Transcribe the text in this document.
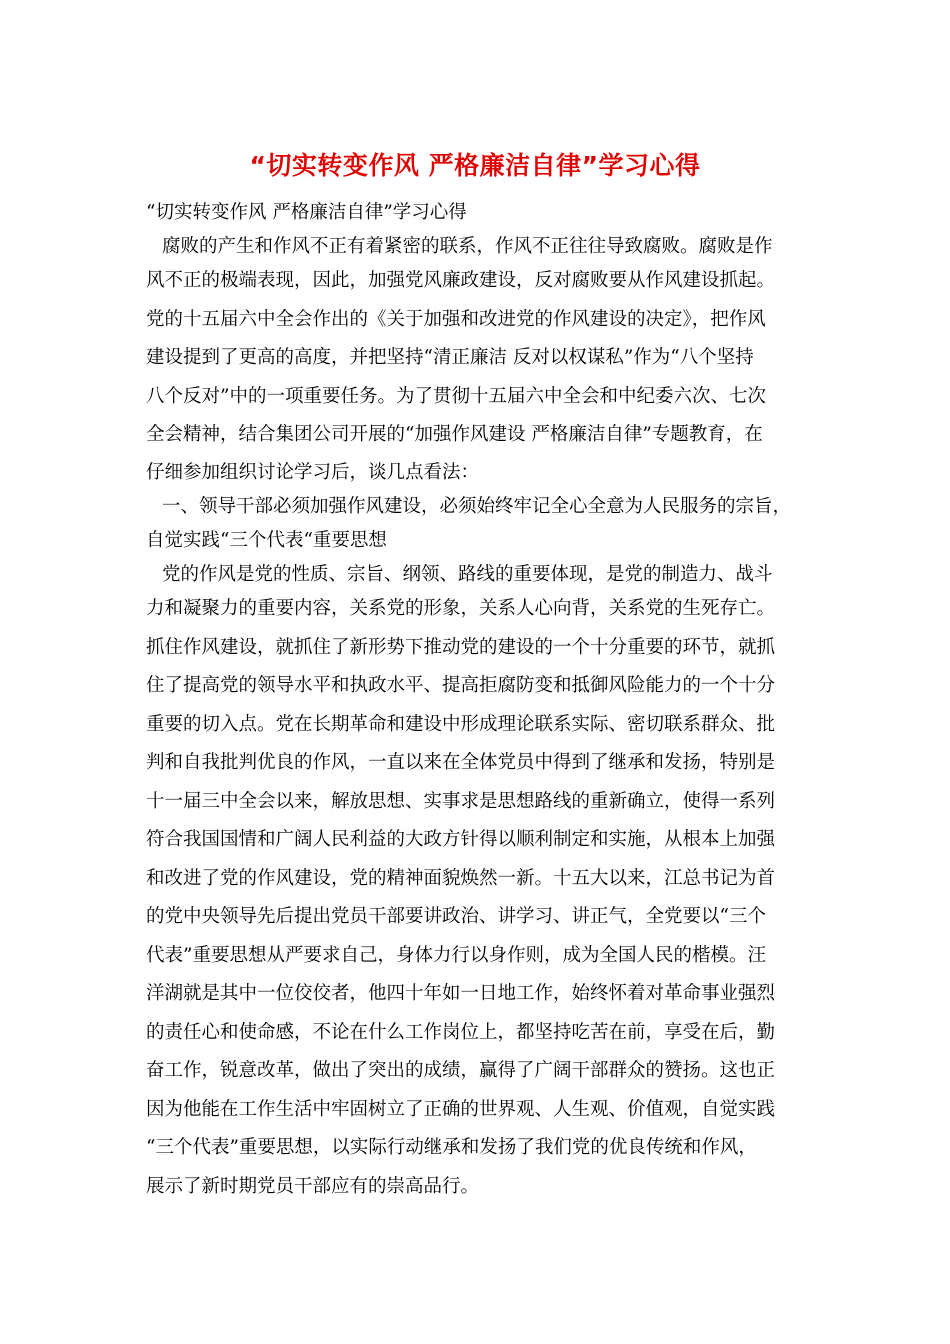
“切实转变作风 严格廉洁自律”学习心得
“切实转变作风 严格廉洁自律”学习心得
腐败的产生和作风不正有着紧密的联系，作风不正往往导致腐败。腐败是作
风不正的极端表现，因此，加强党风廉政建设，反对腐败要从作风建设抓起。
党的十五届六中全会作出的《关于加强和改进党的作风建设的决定》，把作风
建设提到了更高的高度，并把坚持“清正廉洁 反对以权谋私”作为“八个坚持
八个反对”中的一项重要任务。为了贯彻十五届六中全会和中纪委六次、七次
全会精神，结合集团公司开展的“加强作风建设 严格廉洁自律”专题教育，在
仔细参加组织讨论学习后，谈几点看法：
一、领导干部必须加强作风建设，必须始终牢记全心全意为人民服务的宗旨，
自觉实践“三个代表“重要思想
党的作风是党的性质、宗旨、纲领、路线的重要体现，是党的制造力、战斗
力和凝聚力的重要内容，关系党的形象，关系人心向背，关系党的生死存亡。
抓住作风建设，就抓住了新形势下推动党的建设的一个十分重要的环节，就抓
住了提高党的领导水平和执政水平、提高拒腐防变和抵御风险能力的一个十分
重要的切入点。党在长期革命和建设中形成理论联系实际、密切联系群众、批
判和自我批判优良的作风，一直以来在全体党员中得到了继承和发扬，特别是
十一届三中全会以来，解放思想、实事求是思想路线的重新确立，使得一系列
符合我国国情和广阔人民利益的大政方针得以顺利制定和实施，从根本上加强
和改进了党的作风建设，党的精神面貌焕然一新。十五大以来，江总书记为首
的党中央领导先后提出党员干部要讲政治、讲学习、讲正气，全党要以“三个
代表”重要思想从严要求自己，身体力行以身作则，成为全国人民的楷模。汪
洋湖就是其中一位佼佼者，他四十年如一日地工作，始终怀着对革命事业强烈
的责任心和使命感，不论在什么工作岗位上，都坚持吃苦在前，享受在后，勤
奋工作，锐意改革，做出了突出的成绩，赢得了广阔干部群众的赞扬。这也正
因为他能在工作生活中牢固树立了正确的世界观、人生观、价值观，自觉实践
“三个代表”重要思想，以实际行动继承和发扬了我们党的优良传统和作风，
展示了新时期党员干部应有的崇高品行。
